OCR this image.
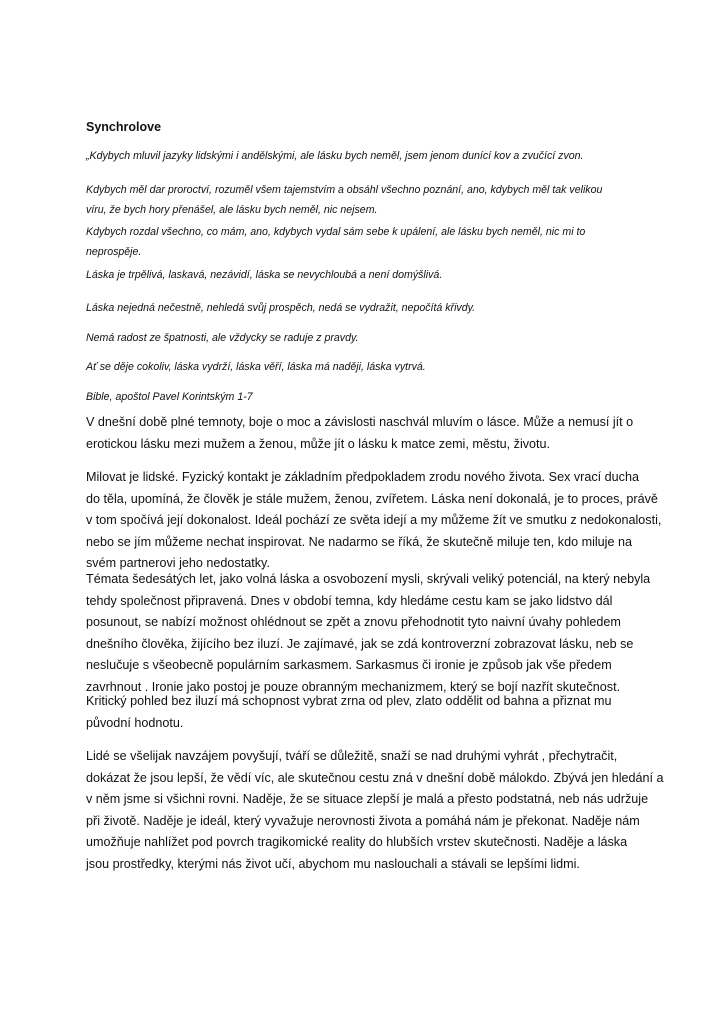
Synchrolove
„Kdybych mluvil jazyky lidskými i andělskými, ale lásku bych neměl, jsem jenom dunící kov a zvučící zvon.
Kdybych měl dar proroctví, rozuměl všem tajemstvím a obsáhl všechno poznání, ano, kdybych měl tak velikou
víru, že bych hory přenášel, ale lásku bych neměl, nic nejsem.
Kdybych rozdal všechno, co mám, ano, kdybych vydal sám sebe k upálení, ale lásku bych neměl, nic mi to
neprospěje.
Láska je trpělivá, laskavá, nezávidí, láska se nevychloubá a není domýšlivá.
Láska nejedná nečestně, nehledá svůj prospěch, nedá se vydražit, nepočítá křivdy.
Nemá radost ze špatnosti, ale vždycky se raduje z pravdy.
Ať se děje cokoliv, láska vydrží, láska věří, láska má naději, láska vytrvá.
Bible, apoštol Pavel Korintským 1-7
V dnešní době plné temnoty, boje o moc a závislosti naschvál mluvím o lásce. Může a nemusí jít o
erotickou lásku mezi mužem a ženou, může jít o lásku k matce zemi, městu, životu.
Milovat je lidské. Fyzický kontakt je základním předpokladem zrodu nového života. Sex vrací ducha
do těla, upomíná, že člověk je stále mužem, ženou, zvířetem. Láska není dokonalá, je to proces, právě
v tom spočívá její dokonalost. Ideál pochází ze světa idejí a my můžeme žít ve smutku z nedokonalosti,
nebo se jím můžeme nechat inspirovat. Ne nadarmo se říká, že skutečně miluje ten, kdo miluje na
svém partnerovi jeho nedostatky.
Témata šedesátých let, jako volná láska a osvobození mysli, skrývali veliký potenciál, na který nebyla
tehdy společnost připravená. Dnes v období temna, kdy hledáme cestu kam se jako lidstvo dál
posunout, se nabízí možnost ohlédnout se zpět a znovu přehodnotit tyto naivní úvahy pohledem
dnešního člověka, žijícího bez iluzí. Je zajímavé, jak se zdá kontroverzní zobrazovat lásku, neb se
neslučuje s všeobecně populárním sarkasmem. Sarkasmus či ironie je způsob jak vše předem
zavrhnout . Ironie jako postoj je pouze obranným mechanizmem, který se bojí nazřít skutečnost.
Kritický pohled bez iluzí má schopnost vybrat zrna od plev, zlato oddělit od bahna a přiznat mu
původní hodnotu.
Lidé se všelijak navzájem povyšují, tváří se důležitě, snaží se nad druhými vyhrát , přechytračit,
dokázat že jsou lepší, že vědí víc, ale skutečnou cestu zná v dnešní době málokdo. Zbývá jen hledání a
v něm jsme si všichni rovni. Naděje, že se situace zlepší je malá a přesto podstatná, neb nás udržuje
při životě. Naděje je ideál, který vyvažuje nerovnosti života a pomáhá nám je překonat. Naděje nám
umožňuje nahlížet pod povrch tragikomické reality do hlubších vrstev skutečnosti. Naděje a láska
jsou prostředky, kterými nás život učí, abychom mu naslouchali a stávali se lepšími lidmi.
